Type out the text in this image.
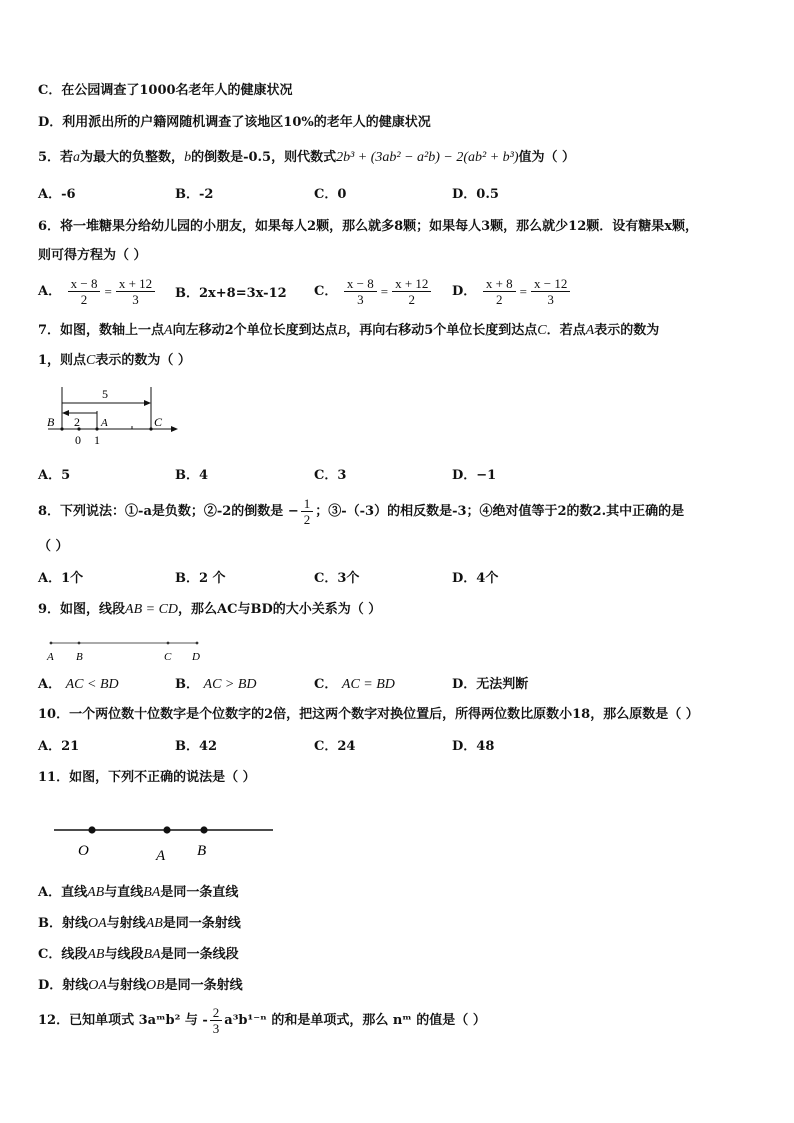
C．在公园调查了1000名老年人的健康状况
D．利用派出所的户籍网随机调查了该地区10%的老年人的健康状况
5．若a为最大的负整数，b的倒数是-0.5，则代数式2b³ + (3ab² − a²b) − 2(ab² + b³)值为（ ）
A．-6	B．-2	C．0	D．0.5
6．将一堆糖果分给幼儿园的小朋友，如果每人2颗，那么就多8颗；如果每人3颗，那么就少12颗．设有糖果x颗，
则可得方程为（ ）
A． $\frac{x - 8}{2} = \frac{x + 12}{3}$ B．2x+8=3x-12 C． $\frac{x - 8}{3} = \frac{x + 12}{2}$ D． $\frac{x + 8}{2} = \frac{x - 12}{3}$
7．如图，数轴上一点A向左移动2个单位长度到达点B，再向右移动5个单位长度到达点C．若点A表示的数为
1，则点C表示的数为（ ）
5
B 2 A	C
0 1
A．5	B．4	C．3	D．−1
8．下列说法：①-a是负数；②-2的倒数是 − $\frac{1}{2}$ ；③-（-3）的相反数是-3；④绝对值等于2的数2.其中正确的是
（ ）
A．1个	B．2 个	C．3个	D．4个
9．如图，线段AB = CD，那么AC与BD的大小关系为（ ）
A B	C D
A． AC < BD	B． AC > BD	C． AC = BD	D．无法判断
10．一个两位数十位数字是个位数字的2倍，把这两个数字对换位置后，所得两位数比原数小18，那么原数是（ ）
A．21	B．42	C．24	D．48
11．如图，下列不正确的说法是（ ）
O	A B
A．直线AB与直线BA是同一条直线
B．射线OA与射线AB是同一条射线
C．线段AB与线段BA是同一条线段
D．射线OA与射线OB是同一条射线
12．已知单项式 3aᵐb² 与 - $\frac{2}{3} a^3b^{1-n}$ 的和是单项式，那么 nᵐ 的值是（ ）
